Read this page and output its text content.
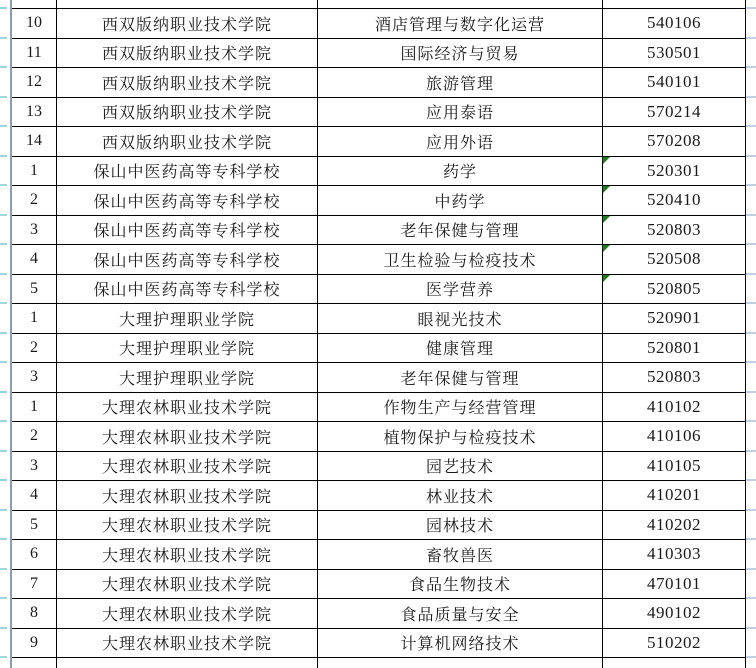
10	西双版纳职业技术学院	酒店管理与数字化运营	540106
11	西双版纳职业技术学院	国际经济与贸易	530501
12	西双版纳职业技术学院	旅游管理	540101
13	西双版纳职业技术学院	应用泰语	570214
14	西双版纳职业技术学院	应用外语	570208
1	保山中医药高等专科学校	药学	520301
2	保山中医药高等专科学校	中药学	520410
3	保山中医药高等专科学校	老年保健与管理	520803
4	保山中医药高等专科学校	卫生检验与检疫技术	520508
5	保山中医药高等专科学校	医学营养	520805
1	大理护理职业学院	眼视光技术	520901
2	大理护理职业学院	健康管理	520801
3	大理护理职业学院	老年保健与管理	520803
1	大理农林职业技术学院	作物生产与经营管理	410102
2	大理农林职业技术学院	植物保护与检疫技术	410106
3	大理农林职业技术学院	园艺技术	410105
4	大理农林职业技术学院	林业技术	410201
5	大理农林职业技术学院	园林技术	410202
6	大理农林职业技术学院	畜牧兽医	410303
7	大理农林职业技术学院	食品生物技术	470101
8	大理农林职业技术学院	食品质量与安全	490102
9	大理农林职业技术学院	计算机网络技术	510202
